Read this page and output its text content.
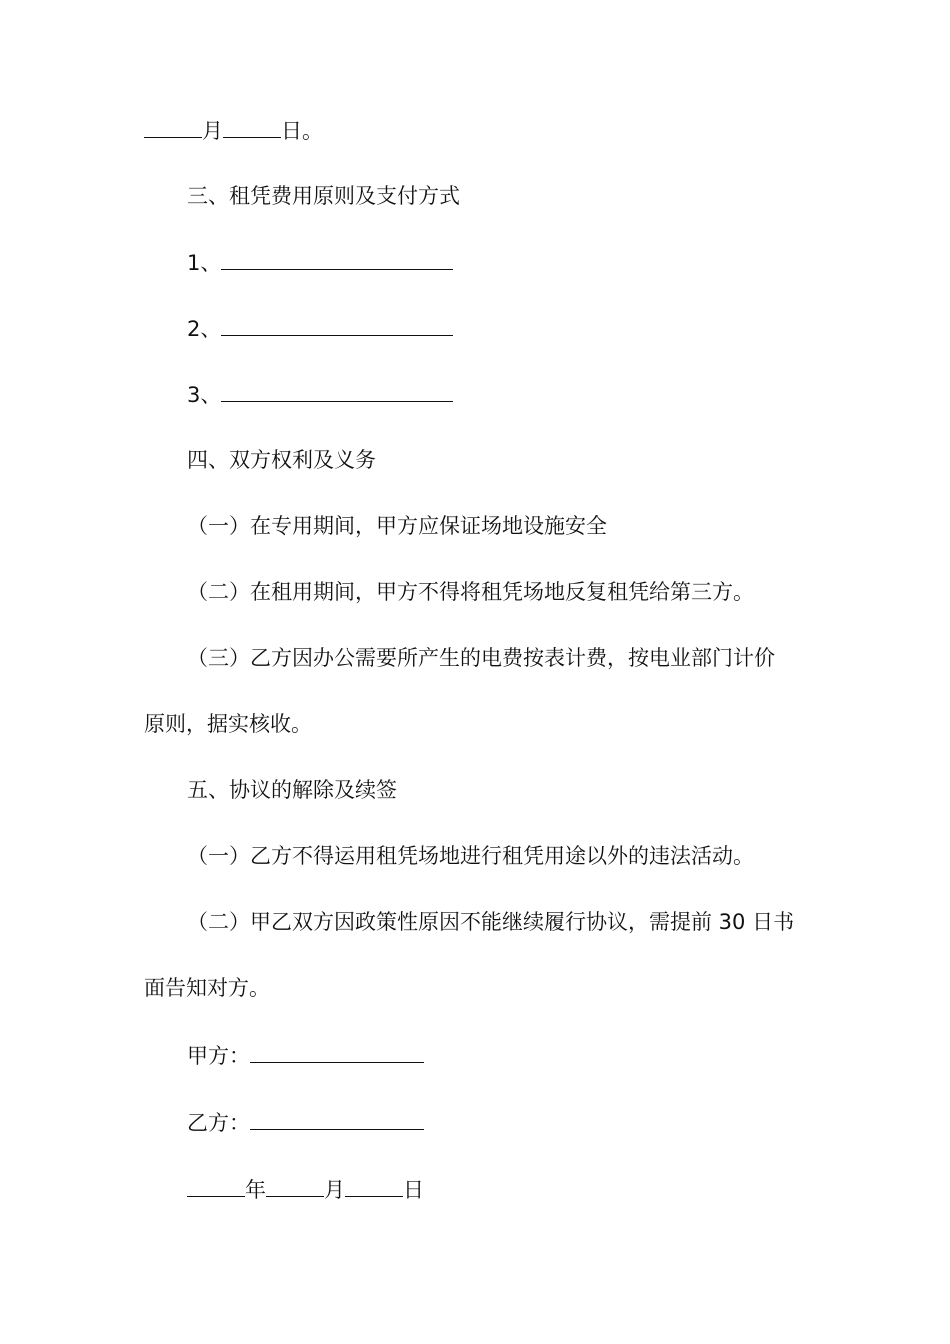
月	日。
三、租凭费用原则及支付方式
1、
2、
3、
四、双方权利及义务
（一）在专用期间，甲方应保证场地设施安全
（二）在租用期间，甲方不得将租凭场地反复租凭给第三方。
（三）乙方因办公需要所产生的电费按表计费，按电业部门计价
原则，据实核收。
五、协议的解除及续签
（一）乙方不得运用租凭场地进行租凭用途以外的违法活动。
（二）甲乙双方因政策性原因不能继续履行协议，需提前 30 日书
面告知对方。
甲方：
乙方：
年	月	日
